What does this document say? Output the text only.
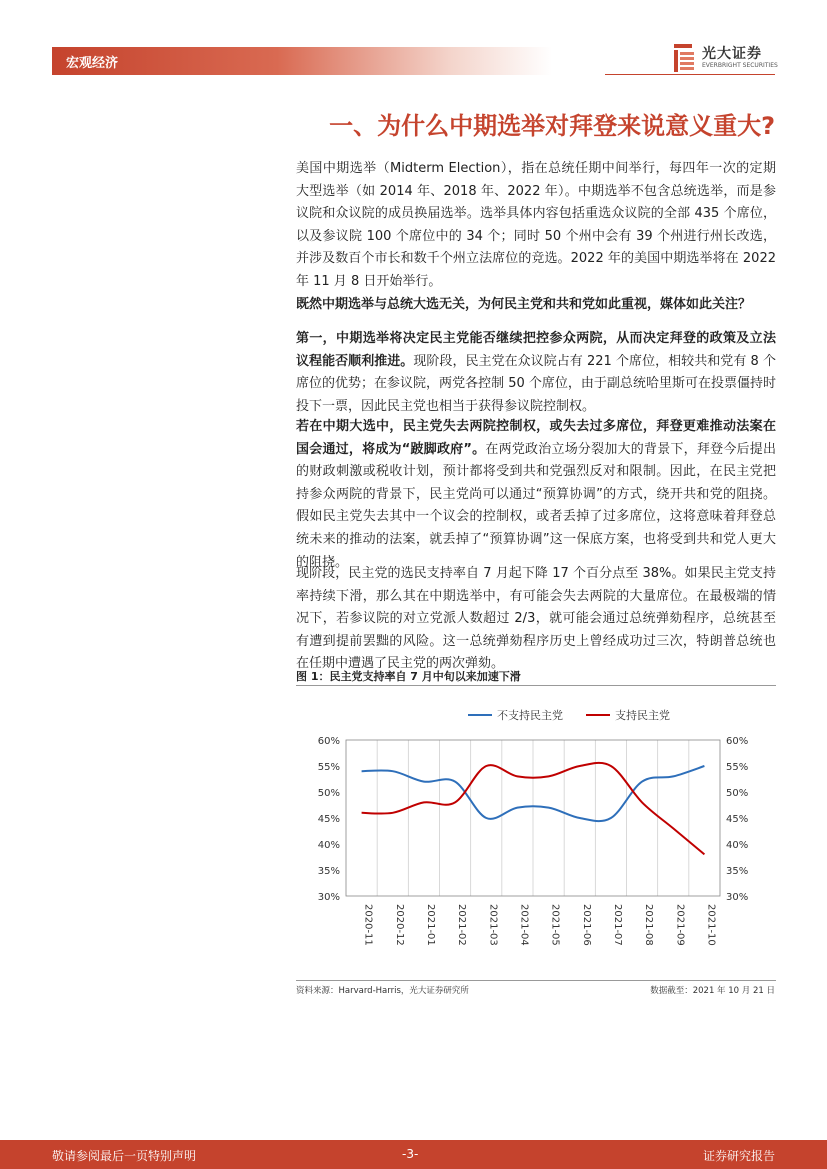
宏观经济
光大证券
EVERBRIGHT SECURITIES
一、为什么中期选举对拜登来说意义重大?

美国中期选举（Midterm Election），指在总统任期中间举行，每四年一次的定期大型选举（如 2014 年、2018 年、2022 年）。中期选举不包含总统选举，而是参议院和众议院的成员换届选举。选举具体内容包括重选众议院的全部 435 个席位，以及参议院 100 个席位中的 34 个；同时 50 个州中会有 39 个州进行州长改选，并涉及数百个市长和数千个州立法席位的竞选。2022 年的美国中期选举将在 2022 年 11 月 8 日开始举行。

既然中期选举与总统大选无关，为何民主党和共和党如此重视，媒体如此关注？

第一，中期选举将决定民主党能否继续把控参众两院，从而决定拜登的政策及立法议程能否顺利推进。现阶段，民主党在众议院占有 221 个席位，相较共和党有 8 个席位的优势；在参议院，两党各控制 50 个席位，由于副总统哈里斯可在投票僵持时投下一票，因此民主党也相当于获得参议院控制权。

若在中期大选中，民主党失去两院控制权，或失去过多席位，拜登更难推动法案在国会通过，将成为“跛脚政府”。在两党政治立场分裂加大的背景下，拜登今后提出的财政刺激或税收计划，预计都将受到共和党强烈反对和限制。因此，在民主党把持参众两院的背景下，民主党尚可以通过“预算协调”的方式，绕开共和党的阻挠。假如民主党失去其中一个议会的控制权，或者丢掉了过多席位，这将意味着拜登总统未来的推动的法案，就丢掉了“预算协调”这一保底方案，也将受到共和党人更大的阻挠。

现阶段，民主党的选民支持率自 7 月起下降 17 个百分点至 38%。如果民主党支持率持续下滑，那么其在中期选举中，有可能会失去两院的大量席位。在最极端的情况下，若参议院的对立党派人数超过 2/3，就可能会通过总统弹劾程序，总统甚至有遭到提前罢黜的风险。这一总统弹劾程序历史上曾经成功过三次，特朗普总统也在任期中遭遇了民主党的两次弹劾。

图 1：民主党支持率自 7 月中旬以来加速下滑
60%
55%
50%
45%
40%
35%
30%
60%
55%
50%
45%
40%
35%
30%
2020-11 2020-12 2021-01 2021-02 2021-03 2021-04 2021-05 2021-06 2021-07 2021-08 2021-09 2021-10
不支持民主党	支持民主党
资料来源：Harvard-Harris，光大证券研究所	数据截至：2021 年 10 月 21 日
敬请参阅最后一页特别声明	-3-	证券研究报告
